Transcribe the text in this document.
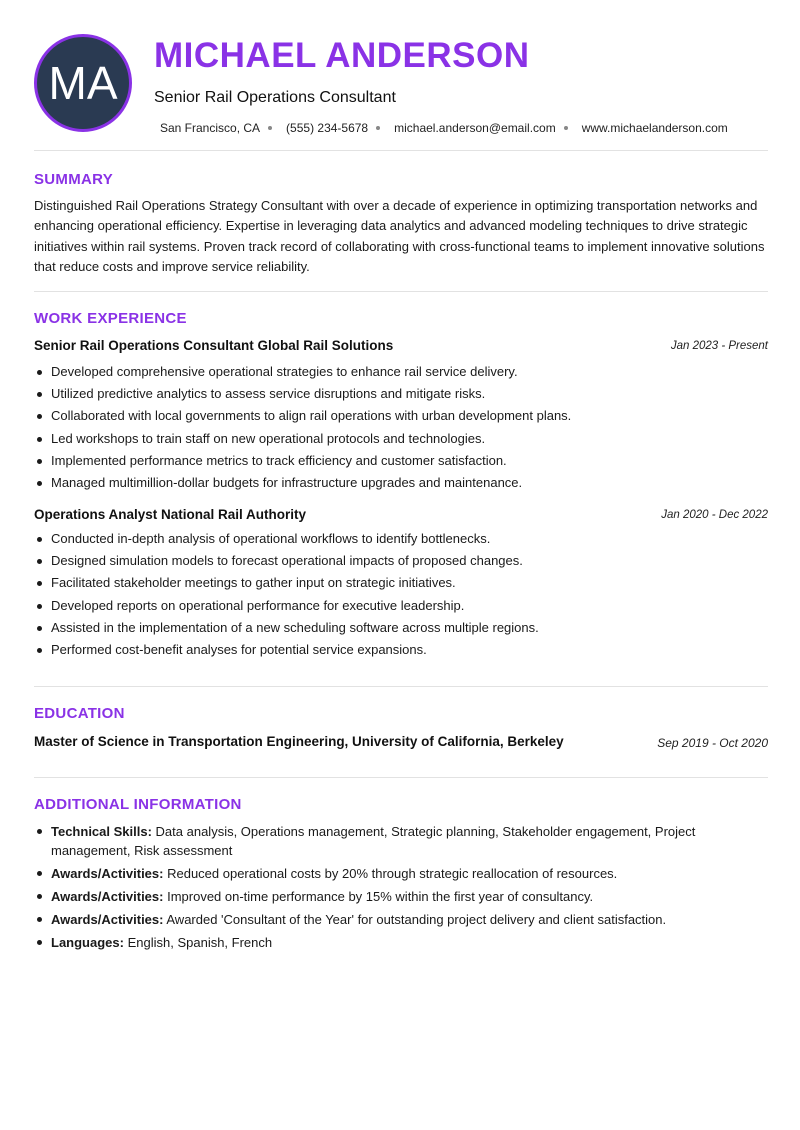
MA
MICHAEL ANDERSON
Senior Rail Operations Consultant
San Francisco, CA (555) 234-5678 michael.anderson@email.com www.michaelanderson.com
SUMMARY
Distinguished Rail Operations Strategy Consultant with over a decade of experience in optimizing transportation networks and enhancing operational efficiency. Expertise in leveraging data analytics and advanced modeling techniques to drive strategic initiatives within rail systems. Proven track record of collaborating with cross-functional teams to implement innovative solutions that reduce costs and improve service reliability.
WORK EXPERIENCE
Senior Rail Operations Consultant Global Rail Solutions	Jan 2023 - Present
Developed comprehensive operational strategies to enhance rail service delivery.
Utilized predictive analytics to assess service disruptions and mitigate risks.
Collaborated with local governments to align rail operations with urban development plans.
Led workshops to train staff on new operational protocols and technologies.
Implemented performance metrics to track efficiency and customer satisfaction.
Managed multimillion-dollar budgets for infrastructure upgrades and maintenance.
Operations Analyst National Rail Authority	Jan 2020 - Dec 2022
Conducted in-depth analysis of operational workflows to identify bottlenecks.
Designed simulation models to forecast operational impacts of proposed changes.
Facilitated stakeholder meetings to gather input on strategic initiatives.
Developed reports on operational performance for executive leadership.
Assisted in the implementation of a new scheduling software across multiple regions.
Performed cost-benefit analyses for potential service expansions.
EDUCATION
Master of Science in Transportation Engineering, University of California, Berkeley	Sep 2019 - Oct 2020
ADDITIONAL INFORMATION
Technical Skills: Data analysis, Operations management, Strategic planning, Stakeholder engagement, Project management, Risk assessment
Awards/Activities: Reduced operational costs by 20% through strategic reallocation of resources.
Awards/Activities: Improved on-time performance by 15% within the first year of consultancy.
Awards/Activities: Awarded 'Consultant of the Year' for outstanding project delivery and client satisfaction.
Languages: English, Spanish, French
